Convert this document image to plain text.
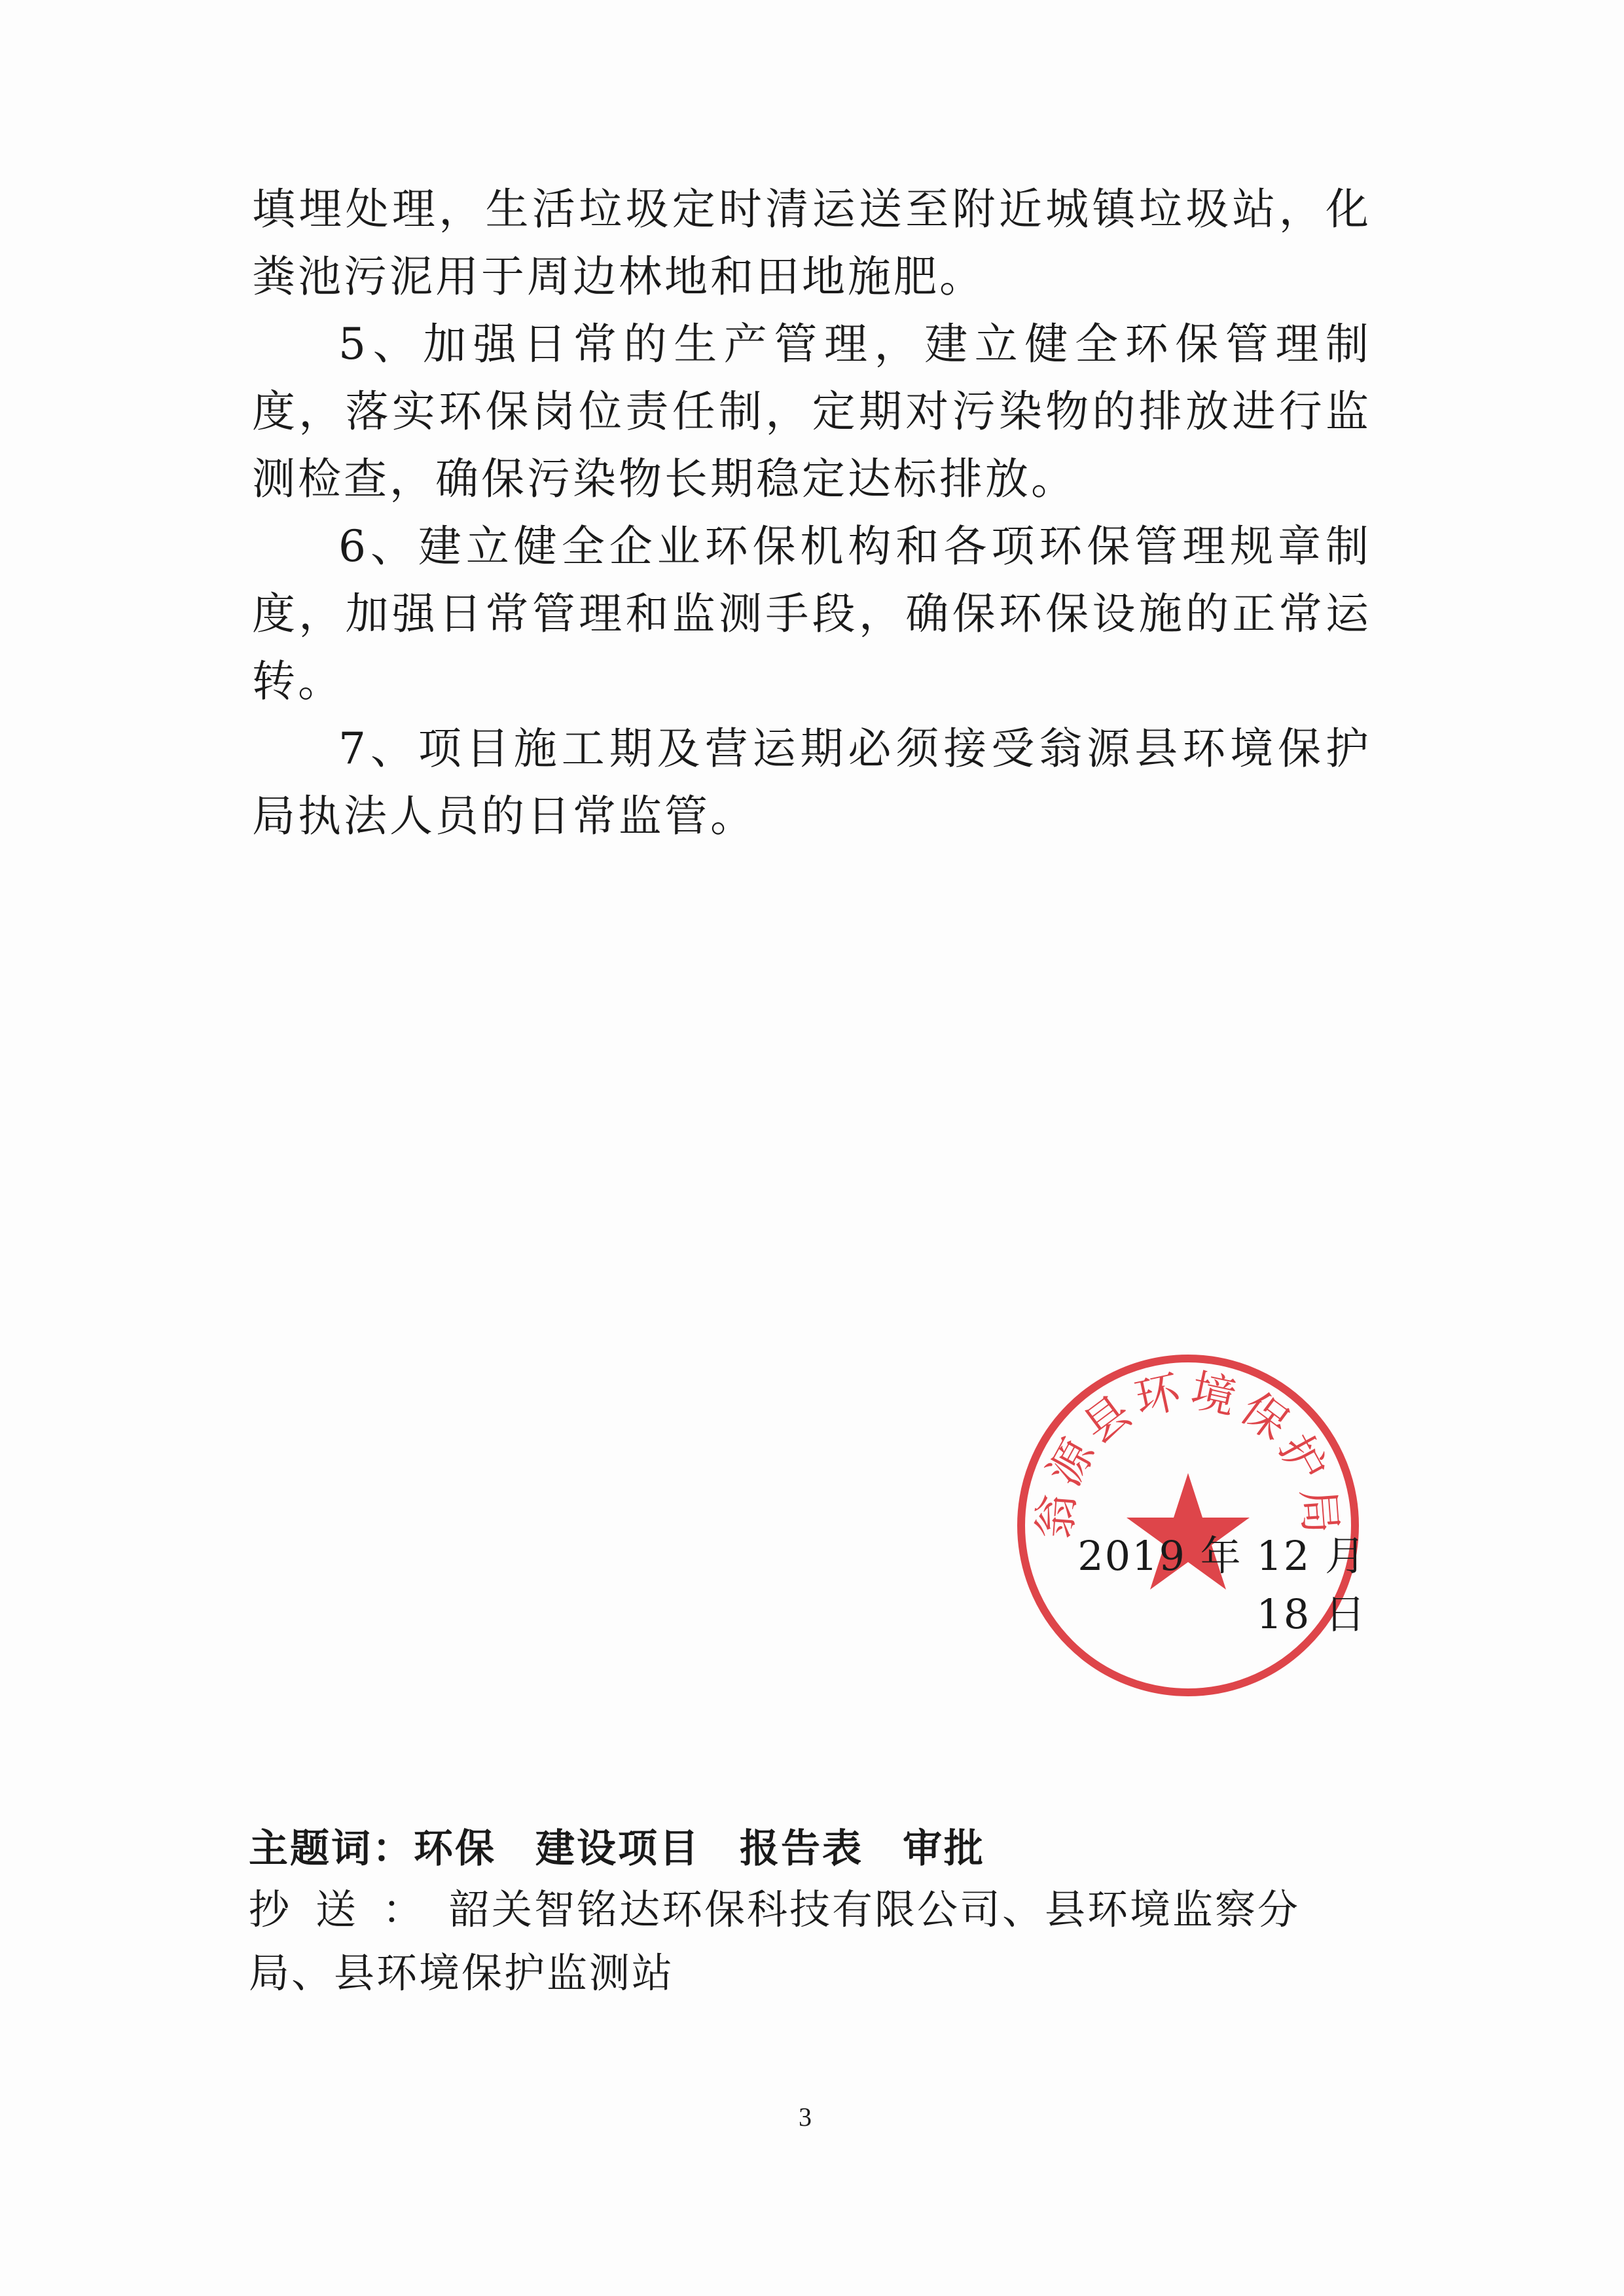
填埋处理，生活垃圾定时清运送至附近城镇垃圾站，化粪池污泥用于周边林地和田地施肥。

5、加强日常的生产管理，建立健全环保管理制度，落实环保岗位责任制，定期对污染物的排放进行监测检查，确保污染物长期稳定达标排放。

6、建立健全企业环保机构和各项环保管理规章制度，加强日常管理和监测手段，确保环保设施的正常运转。

7、项目施工期及营运期必须接受翁源县环境保护局执法人员的日常监管。

翁源县环境保护局
2019 年 12 月 18 日
主题词：环保 建设项目 报告表 审批
抄送：韶关智铭达环保科技有限公司、县环境监察分局、县环境保护监测站
3
